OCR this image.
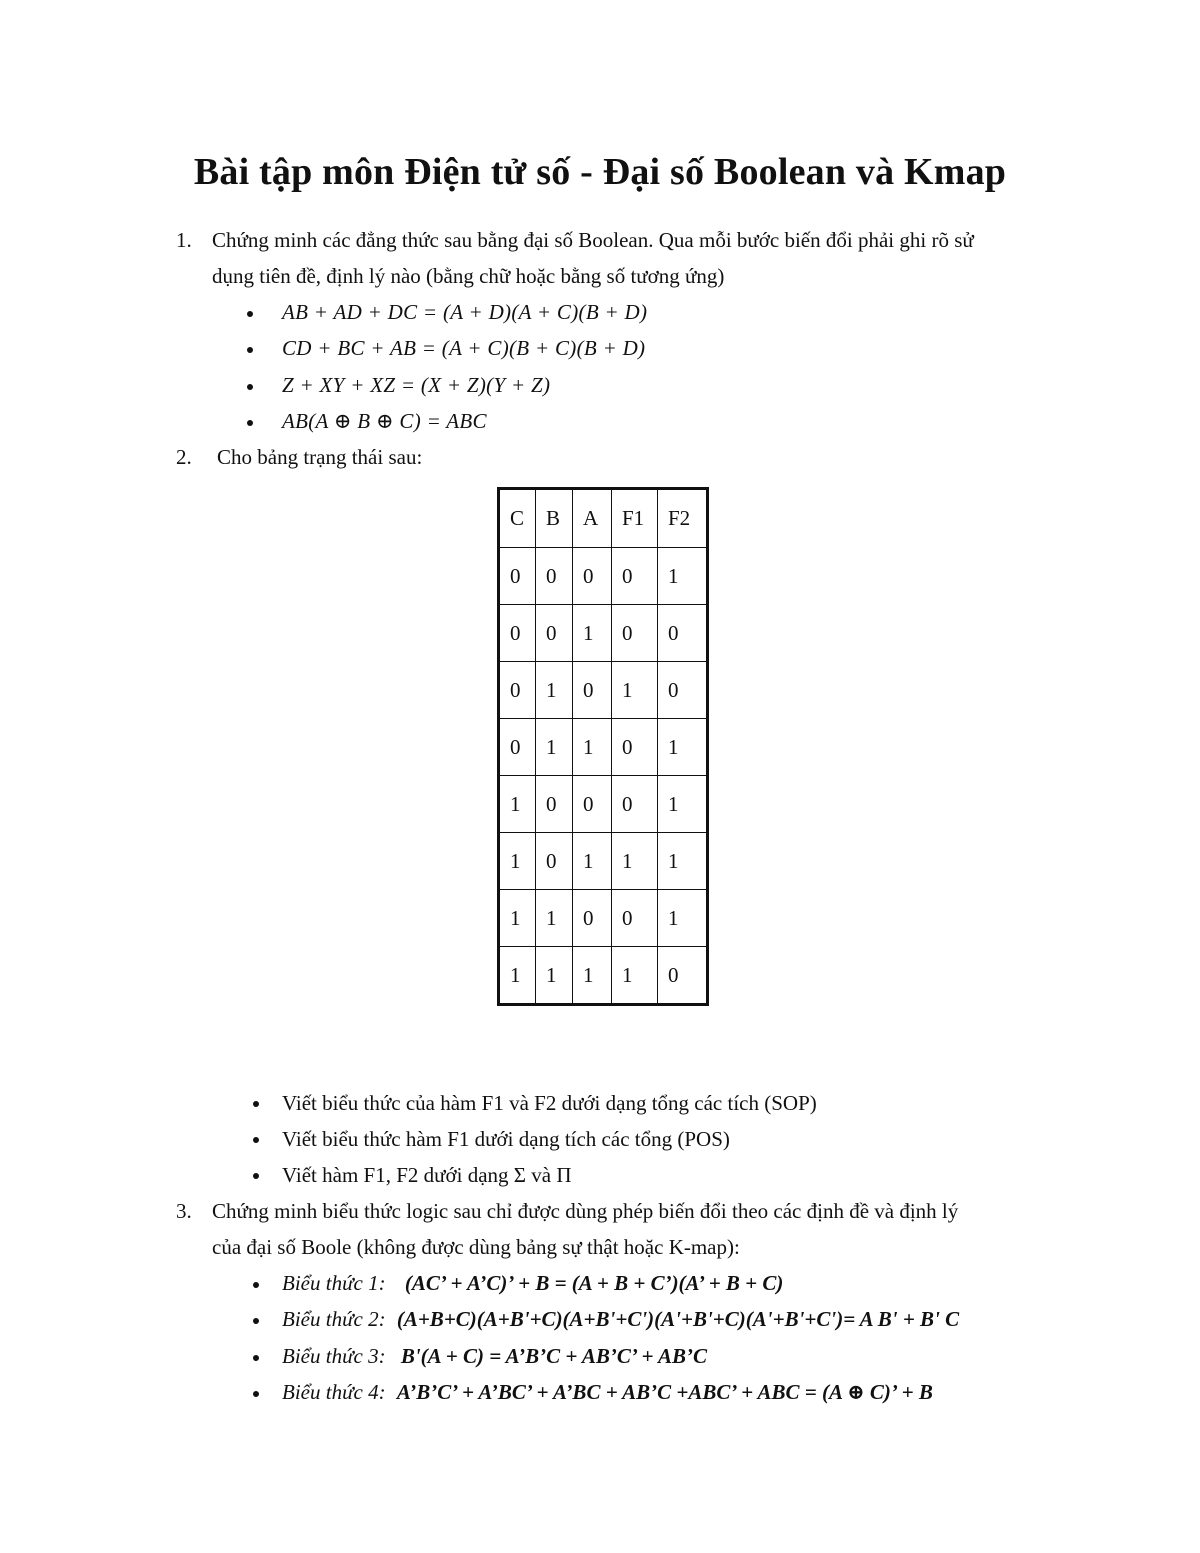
Bài tập môn Điện tử số - Đại số Boolean và Kmap
1. Chứng minh các đẳng thức sau bằng đại số Boolean. Qua mỗi bước biến đổi phải ghi rõ sử
dụng tiên đề, định lý nào (bằng chữ hoặc bằng số tương ứng)
AB + AD + DC = (A + D)(A + C)(B + D)
CD + BC + AB = (A + C)(B + C)(B + D)
Z + XY + XZ = (X + Z)(Y + Z)
AB(A ⊕ B ⊕ C) = ABC
2. Cho bảng trạng thái sau:
C	B	A	F1	F2
0	0	0	0	1
0	0	1	0	0
0	1	0	1	0
0	1	1	0	1
1	0	0	0	1
1	0	1	1	1
1	1	0	0	1
1	1	1	1	0
Viết biểu thức của hàm F1 và F2 dưới dạng tổng các tích (SOP)
Viết biểu thức hàm F1 dưới dạng tích các tổng (POS)
Viết hàm F1, F2 dưới dạng Σ và Π
3. Chứng minh biểu thức logic sau chỉ được dùng phép biến đổi theo các định đề và định lý
của đại số Boole (không được dùng bảng sự thật hoặc K-map):
Biểu thức 1: (AC’ + A’C)’ + B = (A + B + C’)(A’ + B + C)
Biểu thức 2: (A+B+C)(A+B'+C)(A+B'+C')(A'+B'+C)(A'+B'+C')= A B' + B' C
Biểu thức 3: B'(A + C) = A’B’C + AB’C’ + AB’C
Biểu thức 4: A’B’C’ + A’BC’ + A’BC + AB’C +ABC’ + ABC = (A ⊕ C)’ + B
